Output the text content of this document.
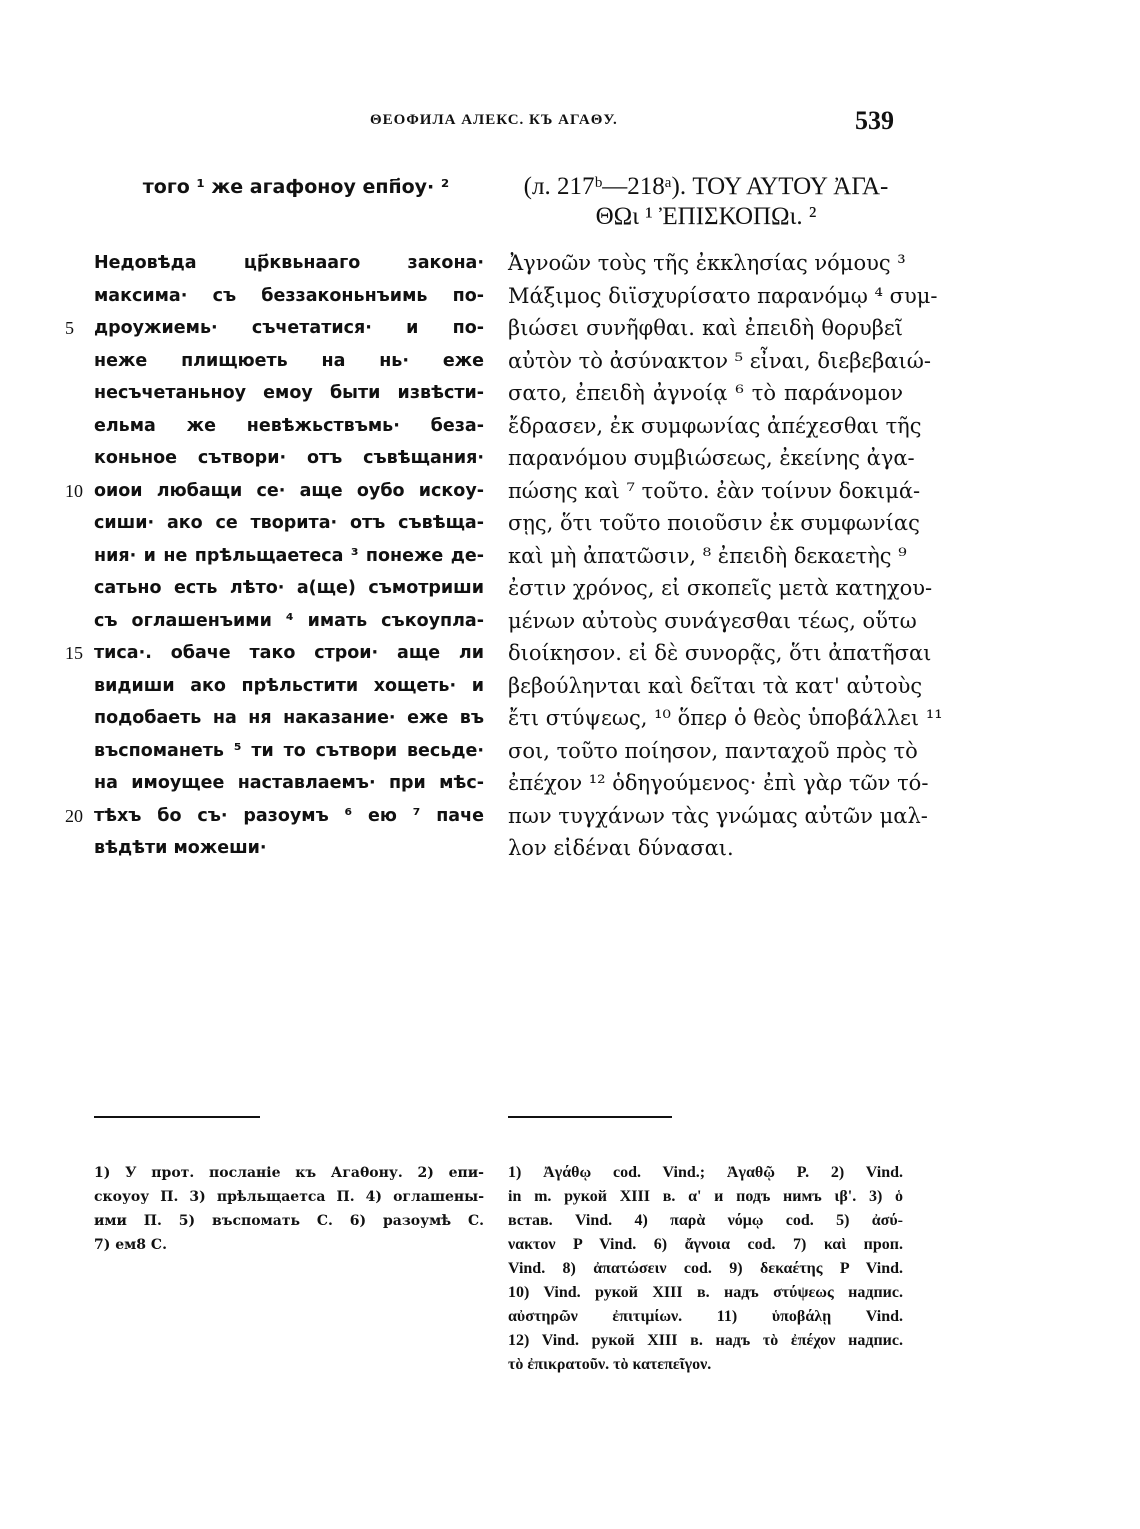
ΘΕΟΦИЛА АЛЕКС. КЪ АГАΘУ.	539
того ¹ же агафоноу епп҃оу· ²	(л. 217ᵇ—218ᵃ). ΤΟΥ ΑΥΤΟΥ ἈΓΑ-
ΘΩι ¹ ἘΠΙΣΚΟΠΩι. ²
Недовѣда цр҃квьнааго закона·
максима· съ беззаконьнъимь по-
5	дроужиемь· съчетатися· и по-
неже плищюеть на нь· еже
несъчетаньноу емоу быти извѣсти-
ельма же невѣжьствъмь· беза-
коньное сътвори· отъ съвѣщания·
10 оиои любащи се· аще оубо искоу-
сиши· ако се творита· отъ съвѣща-
ния· и не прѣльщаетеса ³ понеже де-
сатьно есть лѣто· а(ще) съмотриши
съ оглашенъими ⁴ имать съкоупла-
15 тиса·. обаче тако строи· аще ли
видиши ако прѣльстити хощеть· и
подобаеть на ня наказание· еже въ
въспоманеть ⁵ ти то сътвори весьде·
на имоущее наставлаемъ· при мѣс-
20 тѣхъ бо съ· разоумъ ⁶ ею ⁷ паче
вѣдѣти можеши·
Ἀγνοῶν τοὺς τῆς ἐκκλησίας νόμους ³
Μάξιμος διϊσχυρίσατο παρανόμῳ ⁴ συμ-
βιώσει συνῆφθαι. καὶ ἐπειδὴ θορυβεῖ
αὐτὸν τὸ ἀσύνακτον ⁵ εἶναι, διεβεβαιώ-
σατο, ἐπειδὴ ἀγνοίᾳ ⁶ τὸ παράνομον
ἔδρασεν, ἐκ συμφωνίας ἀπέχεσθαι τῆς
παρανόμου συμβιώσεως, ἐκείνης ἀγα-
πώσης καὶ ⁷ τοῦτο. ἐὰν τοίνυν δοκιμά-
σῃς, ὅτι τοῦτο ποιοῦσιν ἐκ συμφωνίας
καὶ μὴ ἀπατῶσιν, ⁸ ἐπειδὴ δεκαετὴς ⁹
ἐστιν χρόνος, εἰ σκοπεῖς μετὰ κατηχου-
μένων αὐτοὺς συνάγεσθαι τέως, οὕτω
διοίκησον. εἰ δὲ συνορᾷς, ὅτι ἀπατῆσαι
βεβούληνται καὶ δεῖται τὰ κατ' αὐτοὺς
ἔτι στύψεως, ¹⁰ ὅπερ ὁ θεὸς ὑποβάλλει ¹¹
σοι, τοῦτο ποίησον, πανταχοῦ πρὸς τὸ
ἐπέχον ¹² ὁδηγούμενος· ἐπὶ γὰρ τῶν τό-
πων τυγχάνων τὰς γνώμας αὐτῶν μαλ-
λον εἰδέναι δύνασαι.
1) У прот. посланіе къ Агаθону. 2) епи-
скоуоу П. 3) прѣльщаетса П. 4) оглашены-
ими П. 5) въспомать С. 6) разоумѣ С.
7) ем8 С.
1) Ἀγάθῳ cod. Vind.; Ἀγαθῷ P. 2) Vind.
in m. рукой XIII в. α' и подъ нимъ ιβ'. 3) ὁ
встав. Vind. 4) παρὰ νόμῳ cod. 5) ἀσύ-
νακτον P Vind. 6) ἄγνοια cod. 7) καὶ проп.
Vind. 8) ἀπατώσειν cod. 9) δεκαέτης P Vind.
10) Vind. рукой XIII в. надъ στύψεως надпис.
αὐστηρῶν ἐπιτιμίων. 11) ὑποβάλῃ Vind.
12) Vind. рукой XIII в. надъ τὸ ἐπέχον надпис.
τὸ ἐπικρατοῦν. τὸ κατεπεῖγον.
